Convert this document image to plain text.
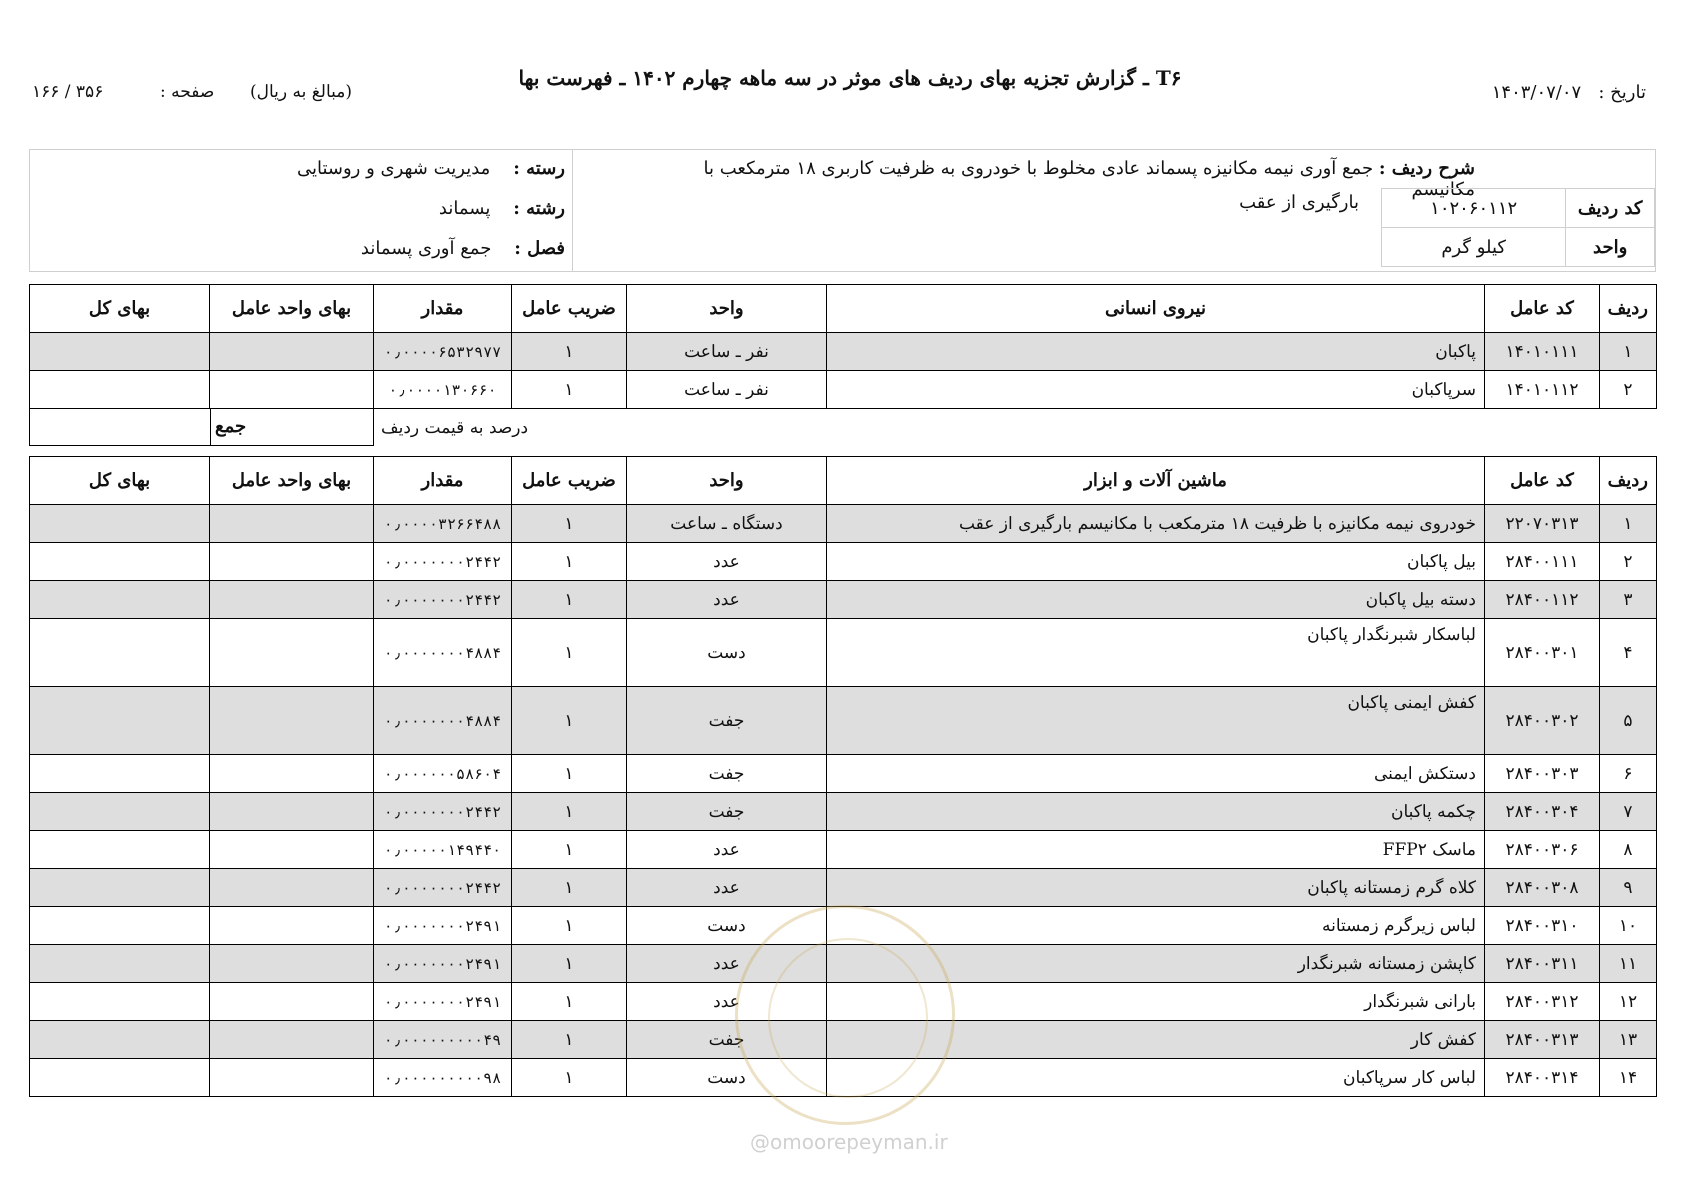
T۶ ـ گزارش تجزیه بهای ردیف های موثر در سه ماهه چهارم ۱۴۰۲ ـ فهرست بها
تاریخ :   ۱۴۰۳/۰۷/۰۷
(مبالغ به ریال)
صفحه :
۱۶۶ / ۳۵۶
شرح ردیف : جمع آوری نیمه مکانیزه پسماند عادی مخلوط با خودروی به ظرفیت کاربری ۱۸ مترمکعب با مکانیسم
بارگیری از عقب	کد ردیف	۱۰۲۰۶۰۱۱۲
واحد	کیلو گرم
رسته :    مدیریت شهری و روستایی
رشته :    پسماند
فصل :    جمع آوری پسماند
ردیف	کد عامل	نیروی انسانی	واحد	ضریب عامل	مقدار	بهای واحد عامل	بهای کل
۱	۱۴۰۱۰۱۱۱	پاکبان	نفر ـ ساعت	۱	۰٫۰۰۰۰۶۵۳۲۹۷۷		
۲	۱۴۰۱۰۱۱۲	سرپاکبان	نفر ـ ساعت	۱	۰٫۰۰۰۰۱۳۰۶۶۰		
جمع	درصد به قیمت ردیف
ردیف	کد عامل	ماشین آلات و ابزار	واحد	ضریب عامل	مقدار	بهای واحد عامل	بهای کل
۱	۲۲۰۷۰۳۱۳	خودروی نیمه مکانیزه با ظرفیت ۱۸ مترمکعب با مکانیسم بارگیری از عقب	دستگاه ـ ساعت	۱	۰٫۰۰۰۰۳۲۶۶۴۸۸		
۲	۲۸۴۰۰۱۱۱	بیل پاکبان	عدد	۱	۰٫۰۰۰۰۰۰۰۲۴۴۲		
۳	۲۸۴۰۰۱۱۲	دسته بیل پاکبان	عدد	۱	۰٫۰۰۰۰۰۰۰۲۴۴۲		
۴	۲۸۴۰۰۳۰۱	لباسکار شبرنگدار پاکبان	دست	۱	۰٫۰۰۰۰۰۰۰۴۸۸۴		
۵	۲۸۴۰۰۳۰۲	کفش ایمنی پاکبان	جفت	۱	۰٫۰۰۰۰۰۰۰۴۸۸۴		
۶	۲۸۴۰۰۳۰۳	دستکش ایمنی	جفت	۱	۰٫۰۰۰۰۰۰۵۸۶۰۴		
۷	۲۸۴۰۰۳۰۴	چکمه پاکبان	جفت	۱	۰٫۰۰۰۰۰۰۰۲۴۴۲		
۸	۲۸۴۰۰۳۰۶	ماسک FFP۲	عدد	۱	۰٫۰۰۰۰۰۱۴۹۴۴۰		
۹	۲۸۴۰۰۳۰۸	کلاه گرم زمستانه پاکبان	عدد	۱	۰٫۰۰۰۰۰۰۰۲۴۴۲		
۱۰	۲۸۴۰۰۳۱۰	لباس زیرگرم زمستانه	دست	۱	۰٫۰۰۰۰۰۰۰۲۴۹۱		
۱۱	۲۸۴۰۰۳۱۱	کاپشن زمستانه شبرنگدار	عدد	۱	۰٫۰۰۰۰۰۰۰۲۴۹۱		
۱۲	۲۸۴۰۰۳۱۲	بارانی شبرنگدار	عدد	۱	۰٫۰۰۰۰۰۰۰۲۴۹۱		
۱۳	۲۸۴۰۰۳۱۳	کفش کار	جفت	۱	۰٫۰۰۰۰۰۰۰۰۰۴۹		
۱۴	۲۸۴۰۰۳۱۴	لباس کار سرپاکبان	دست	۱	۰٫۰۰۰۰۰۰۰۰۰۹۸		
@omoorepeyman.ir
